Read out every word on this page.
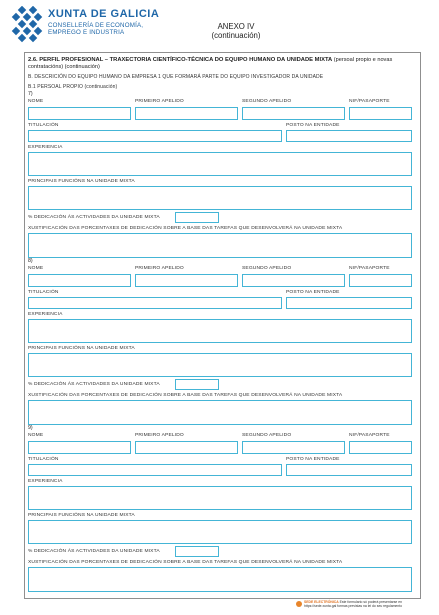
XUNTA DE GALICIA
CONSELLERÍA DE ECONOMÍA,
EMPREGO E INDUSTRIA
ANEXO IV
(continuación)
2.6. PERFIL PROFESIONAL – TRAXECTORIA CIENTÍFICO-TÉCNICA DO EQUIPO HUMANO DA UNIDADE MIXTA (persoal propio e novas contratacións) (continuación)
B. DESCRICIÓN DO EQUIPO HUMANO DA EMPRESA 1 QUE FORMARÁ PARTE DO EQUIPO INVESTIGADOR DA UNIDADE
B.1 PERSOAL PROPIO (continuación)
7)
NOME	PRIMEIRO APELIDO	SEGUNDO APELIDO	NIF/PASAPORTE
TITULACIÓN	POSTO NA ENTIDADE
EXPERIENCIA
PRINCIPAIS FUNCIÓNS NA UNIDADE MIXTA
% DEDICACIÓN ÁS ACTIVIDADES DA UNIDADE MIXTA
XUSTIFICACIÓN DAS PORCENTAXES DE DEDICACIÓN SOBRE A BASE DAS TAREFAS QUE DESENVOLVERÁ NA UNIDADE MIXTA
8)
NOME	PRIMEIRO APELIDO	SEGUNDO APELIDO	NIF/PASAPORTE
TITULACIÓN	POSTO NA ENTIDADE
EXPERIENCIA
PRINCIPAIS FUNCIÓNS NA UNIDADE MIXTA
% DEDICACIÓN ÁS ACTIVIDADES DA UNIDADE MIXTA
XUSTIFICACIÓN DAS PORCENTAXES DE DEDICACIÓN SOBRE A BASE DAS TAREFAS QUE DESENVOLVERÁ NA UNIDADE MIXTA
9)
NOME	PRIMEIRO APELIDO	SEGUNDO APELIDO	NIF/PASAPORTE
TITULACIÓN	POSTO NA ENTIDADE
EXPERIENCIA
PRINCIPAIS FUNCIÓNS NA UNIDADE MIXTA
% DEDICACIÓN ÁS ACTIVIDADES DA UNIDADE MIXTA
XUSTIFICACIÓN DAS PORCENTAXES DE DEDICACIÓN SOBRE A BASE DAS TAREFAS QUE DESENVOLVERÁ NA UNIDADE MIXTA
SEDE ELECTRÓNICA Este formulario só poderá presentarse en
https://sede.xunta.gal formas previstas na lei do seu regulamento
